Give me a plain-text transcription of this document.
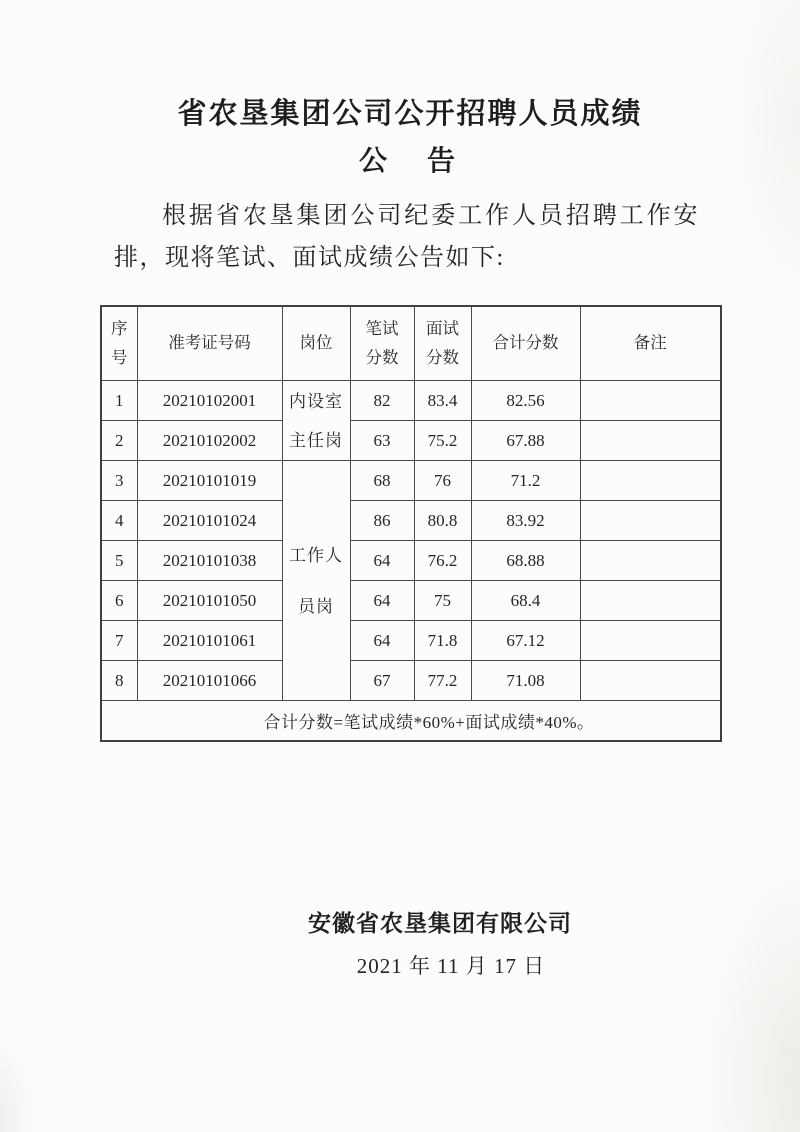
省农垦集团公司公开招聘人员成绩
公　告
根据省农垦集团公司纪委工作人员招聘工作安排，现将笔试、面试成绩公告如下:
序号	准考证号码	岗位	笔试分数	面试分数	合计分数	备注
1	20210102001	内设室主任岗	82	83.4	82.56	
2	20210102002		63	75.2	67.88	
3	20210101019	工作人员岗	68	76	71.2	
4	20210101024		86	80.8	83.92	
5	20210101038		64	76.2	68.88	
6	20210101050		64	75	68.4	
7	20210101061		64	71.8	67.12	
8	20210101066		67	77.2	71.08	

合计分数=笔试成绩*60%+面试成绩*40%。						
安徽省农垦集团有限公司
2021 年 11 月 17 日
